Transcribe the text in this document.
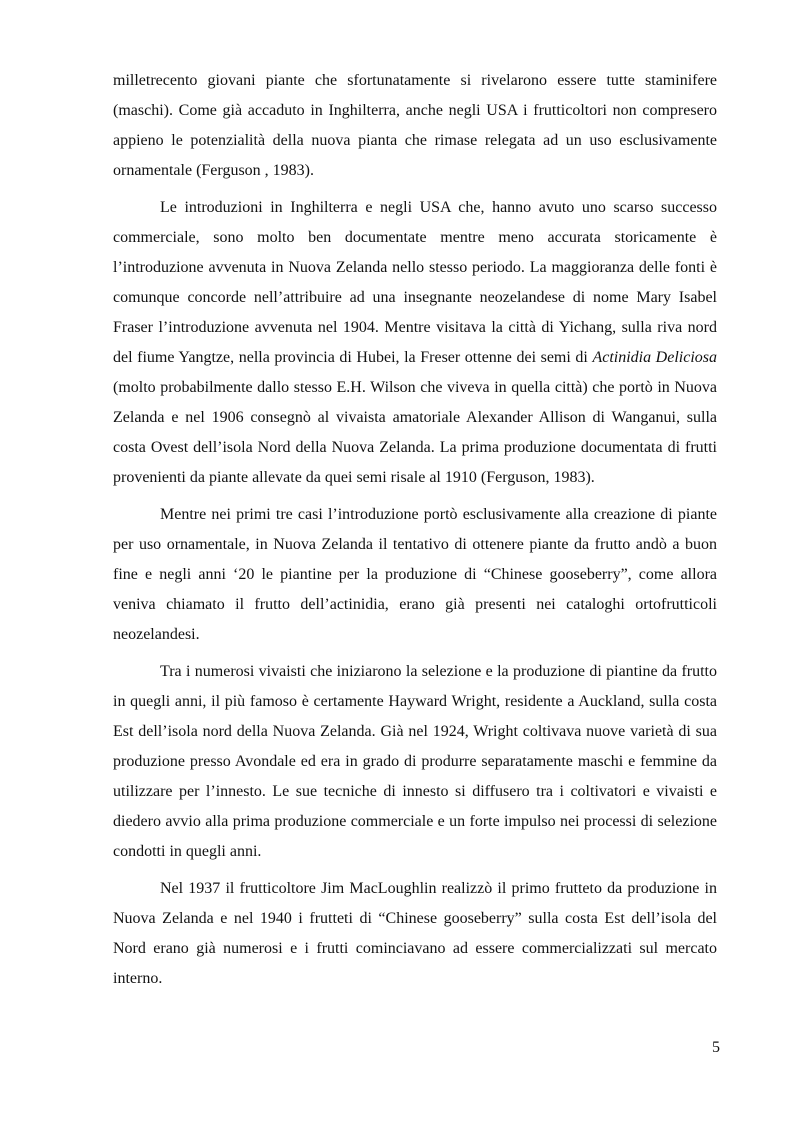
milletrecento giovani piante che sfortunatamente si rivelarono essere tutte staminifere (maschi). Come già accaduto in Inghilterra, anche negli USA i frutticoltori non compresero appieno le potenzialità della nuova pianta che rimase relegata ad un uso esclusivamente ornamentale (Ferguson , 1983).

Le introduzioni in Inghilterra e negli USA che, hanno avuto uno scarso successo commerciale, sono molto ben documentate mentre meno accurata storicamente è l’introduzione avvenuta in Nuova Zelanda nello stesso periodo. La maggioranza delle fonti è comunque concorde nell’attribuire ad una insegnante neozelandese di nome Mary Isabel Fraser l’introduzione avvenuta nel 1904. Mentre visitava la città di Yichang, sulla riva nord del fiume Yangtze, nella provincia di Hubei, la Freser ottenne dei semi di Actinidia Deliciosa (molto probabilmente dallo stesso E.H. Wilson che viveva in quella città) che portò in Nuova Zelanda e nel 1906 consegnò al vivaista amatoriale Alexander Allison di Wanganui, sulla costa Ovest dell’isola Nord della Nuova Zelanda. La prima produzione documentata di frutti provenienti da piante allevate da quei semi risale al 1910 (Ferguson, 1983).

Mentre nei primi tre casi l’introduzione portò esclusivamente alla creazione di piante per uso ornamentale, in Nuova Zelanda il tentativo di ottenere piante da frutto andò a buon fine e negli anni ‘20 le piantine per la produzione di “Chinese gooseberry”, come allora veniva chiamato il frutto dell’actinidia, erano già presenti nei cataloghi ortofrutticoli neozelandesi.

Tra i numerosi vivaisti che iniziarono la selezione e la produzione di piantine da frutto in quegli anni, il più famoso è certamente Hayward Wright, residente a Auckland, sulla costa Est dell’isola nord della Nuova Zelanda. Già nel 1924, Wright coltivava nuove varietà di sua produzione presso Avondale ed era in grado di produrre separatamente maschi e femmine da utilizzare per l’innesto. Le sue tecniche di innesto si diffusero tra i coltivatori e vivaisti e diedero avvio alla prima produzione commerciale e un forte impulso nei processi di selezione condotti in quegli anni.

Nel 1937 il frutticoltore Jim MacLoughlin realizzò il primo frutteto da produzione in Nuova Zelanda e nel 1940 i frutteti di “Chinese gooseberry” sulla costa Est dell’isola del Nord erano già numerosi e i frutti cominciavano ad essere commercializzati sul mercato interno.

5
